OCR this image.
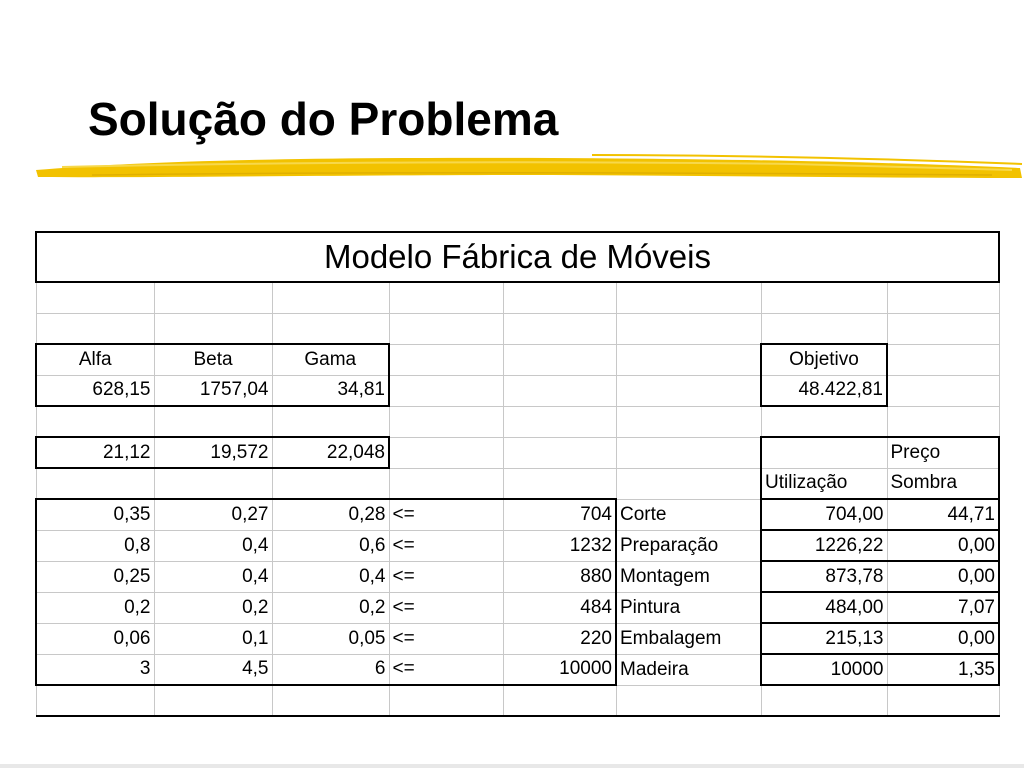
Solução do Problema
Modelo Fábrica de Móveis							

Alfa	Beta	Gama				Objetivo	
628,15	1757,04	34,81				48.422,81	

21,12	19,572	22,048					Preço
						Utilização	Sombra
0,35	0,27	0,28	<=	704	Corte	704,00	44,71
0,8	0,4	0,6	<=	1232	Preparação	1226,22	0,00
0,25	0,4	0,4	<=	880	Montagem	873,78	0,00
0,2	0,2	0,2	<=	484	Pintura	484,00	7,07
0,06	0,1	0,05	<=	220	Embalagem	215,13	0,00
3	4,5	6	<=	10000	Madeira	10000	1,35
